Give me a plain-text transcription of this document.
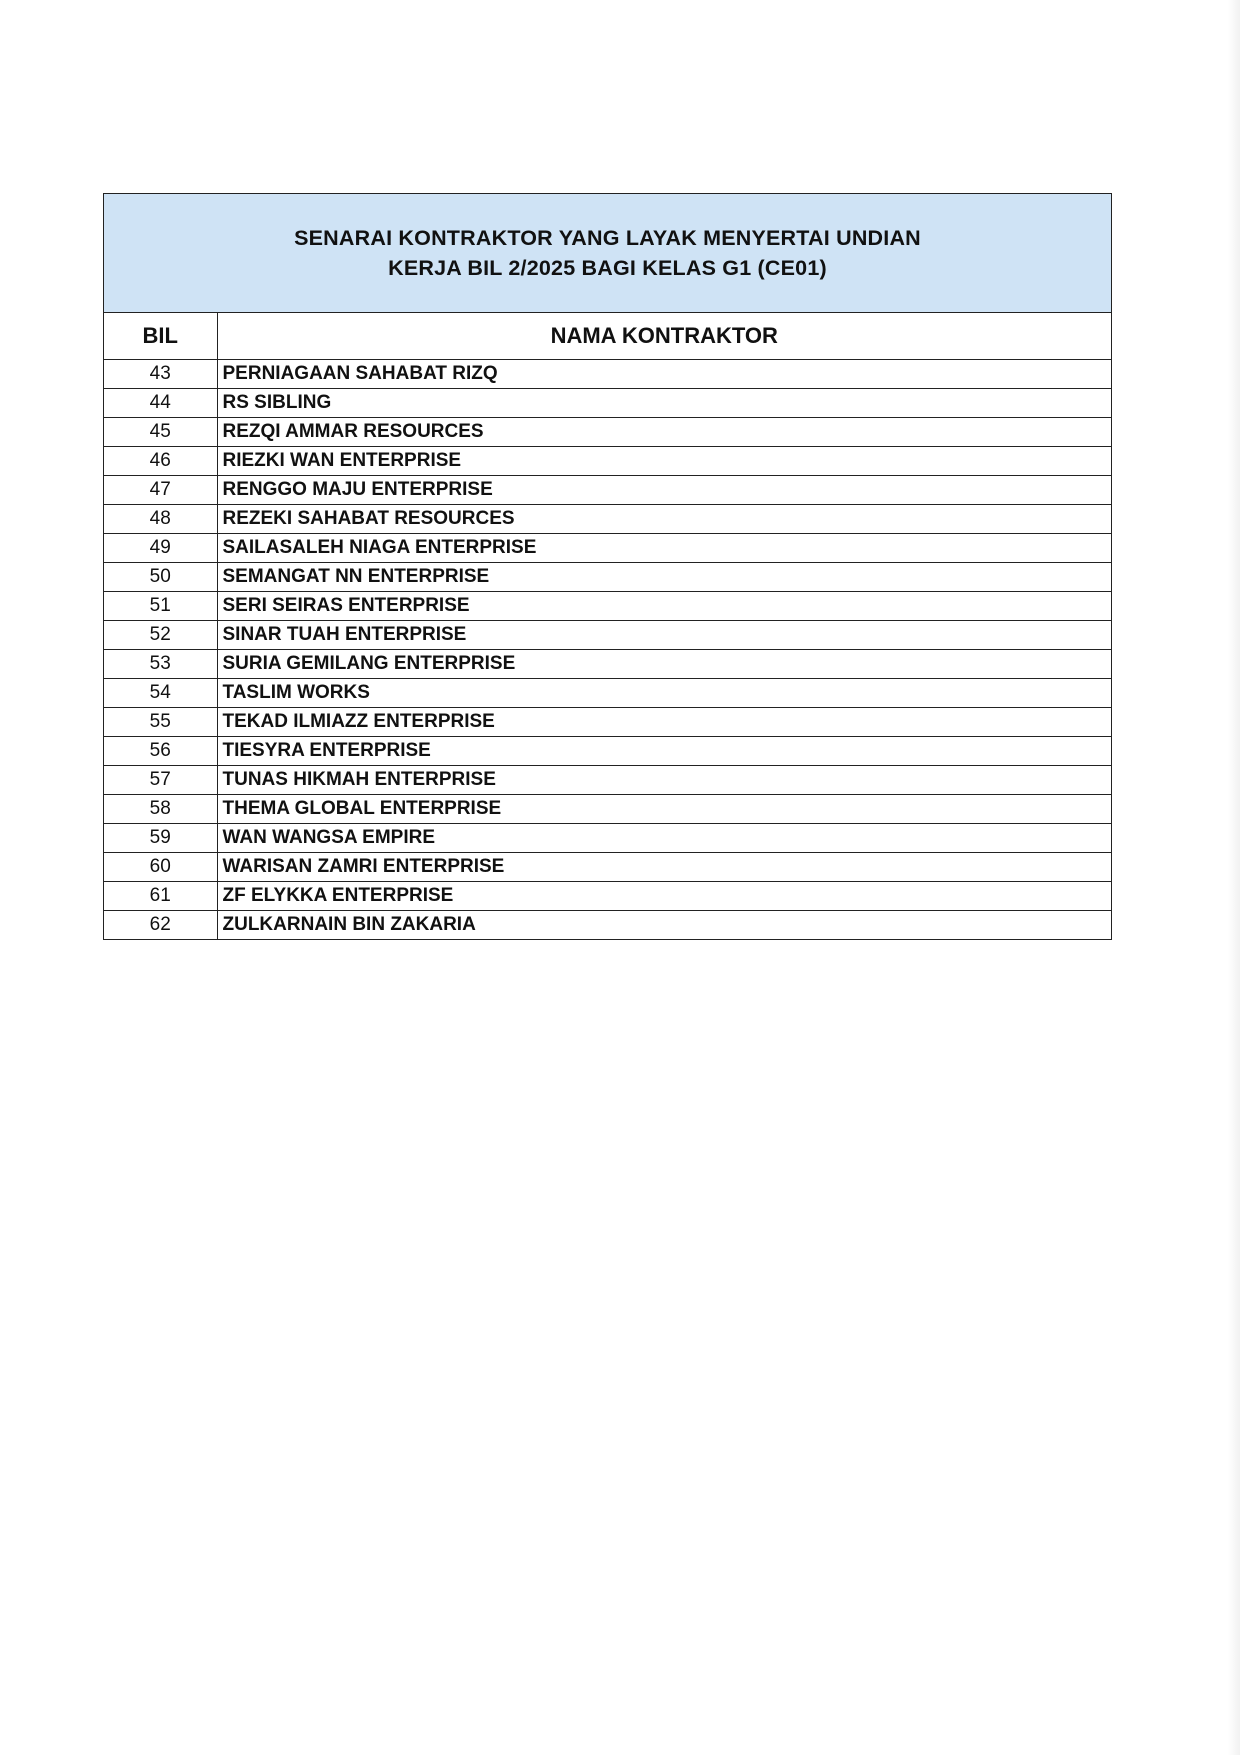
SENARAI KONTRAKTOR YANG LAYAK MENYERTAI UNDIAN
KERJA BIL 2/2025 BAGI KELAS G1 (CE01)
BIL	NAMA KONTRAKTOR
43	PERNIAGAAN SAHABAT RIZQ
44	RS SIBLING
45	REZQI AMMAR RESOURCES
46	RIEZKI WAN ENTERPRISE
47	RENGGO MAJU ENTERPRISE
48	REZEKI SAHABAT RESOURCES
49	SAILASALEH NIAGA ENTERPRISE
50	SEMANGAT NN ENTERPRISE
51	SERI SEIRAS ENTERPRISE
52	SINAR TUAH ENTERPRISE
53	SURIA GEMILANG ENTERPRISE
54	TASLIM WORKS
55	TEKAD ILMIAZZ ENTERPRISE
56	TIESYRA ENTERPRISE
57	TUNAS HIKMAH ENTERPRISE
58	THEMA GLOBAL ENTERPRISE
59	WAN WANGSA EMPIRE
60	WARISAN ZAMRI ENTERPRISE
61	ZF ELYKKA ENTERPRISE
62	ZULKARNAIN BIN ZAKARIA
